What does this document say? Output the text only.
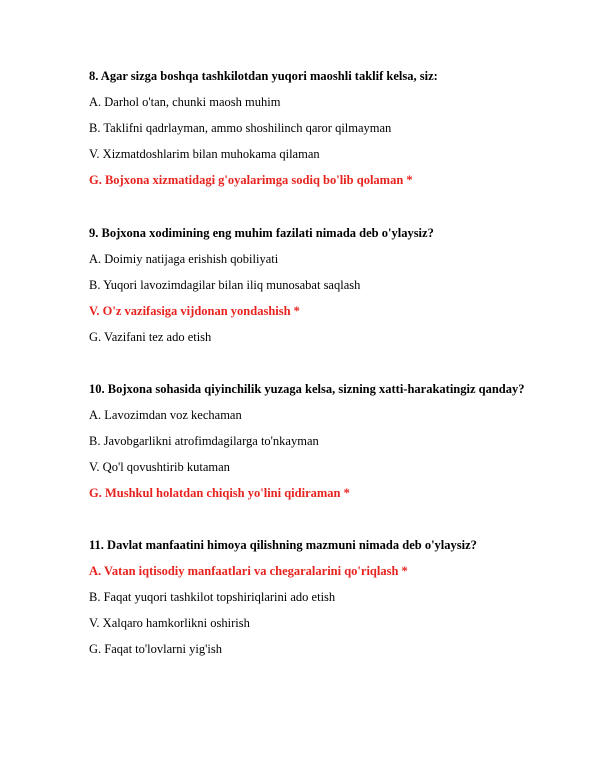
8. Agar sizga boshqa tashkilotdan yuqori maoshli taklif kelsa, siz:
A. Darhol o'tan, chunki maosh muhim
B. Taklifni qadrlayman, ammo shoshilinch qaror qilmayman
V. Xizmatdoshlarim bilan muhokama qilaman
G. Bojxona xizmatidagi g'oyalarimga sodiq bo'lib qolaman *
9. Bojxona xodimining eng muhim fazilati nimada deb o'ylaysiz?
A. Doimiy natijaga erishish qobiliyati
B. Yuqori lavozimdagilar bilan iliq munosabat saqlash
V. O'z vazifasiga vijdonan yondashish *
G. Vazifani tez ado etish
10. Bojxona sohasida qiyinchilik yuzaga kelsa, sizning xatti-harakatingiz qanday?
A. Lavozimdan voz kechaman
B. Javobgarlikni atrofimdagilarga to'nkayman
V. Qo'l qovushtirib kutaman
G. Mushkul holatdan chiqish yo'lini qidiraman *
11. Davlat manfaatini himoya qilishning mazmuni nimada deb o'ylaysiz?
A. Vatan iqtisodiy manfaatlari va chegaralarini qo'riqlash *
B. Faqat yuqori tashkilot topshiriqlarini ado etish
V. Xalqaro hamkorlikni oshirish
G. Faqat to'lovlarni yig'ish
